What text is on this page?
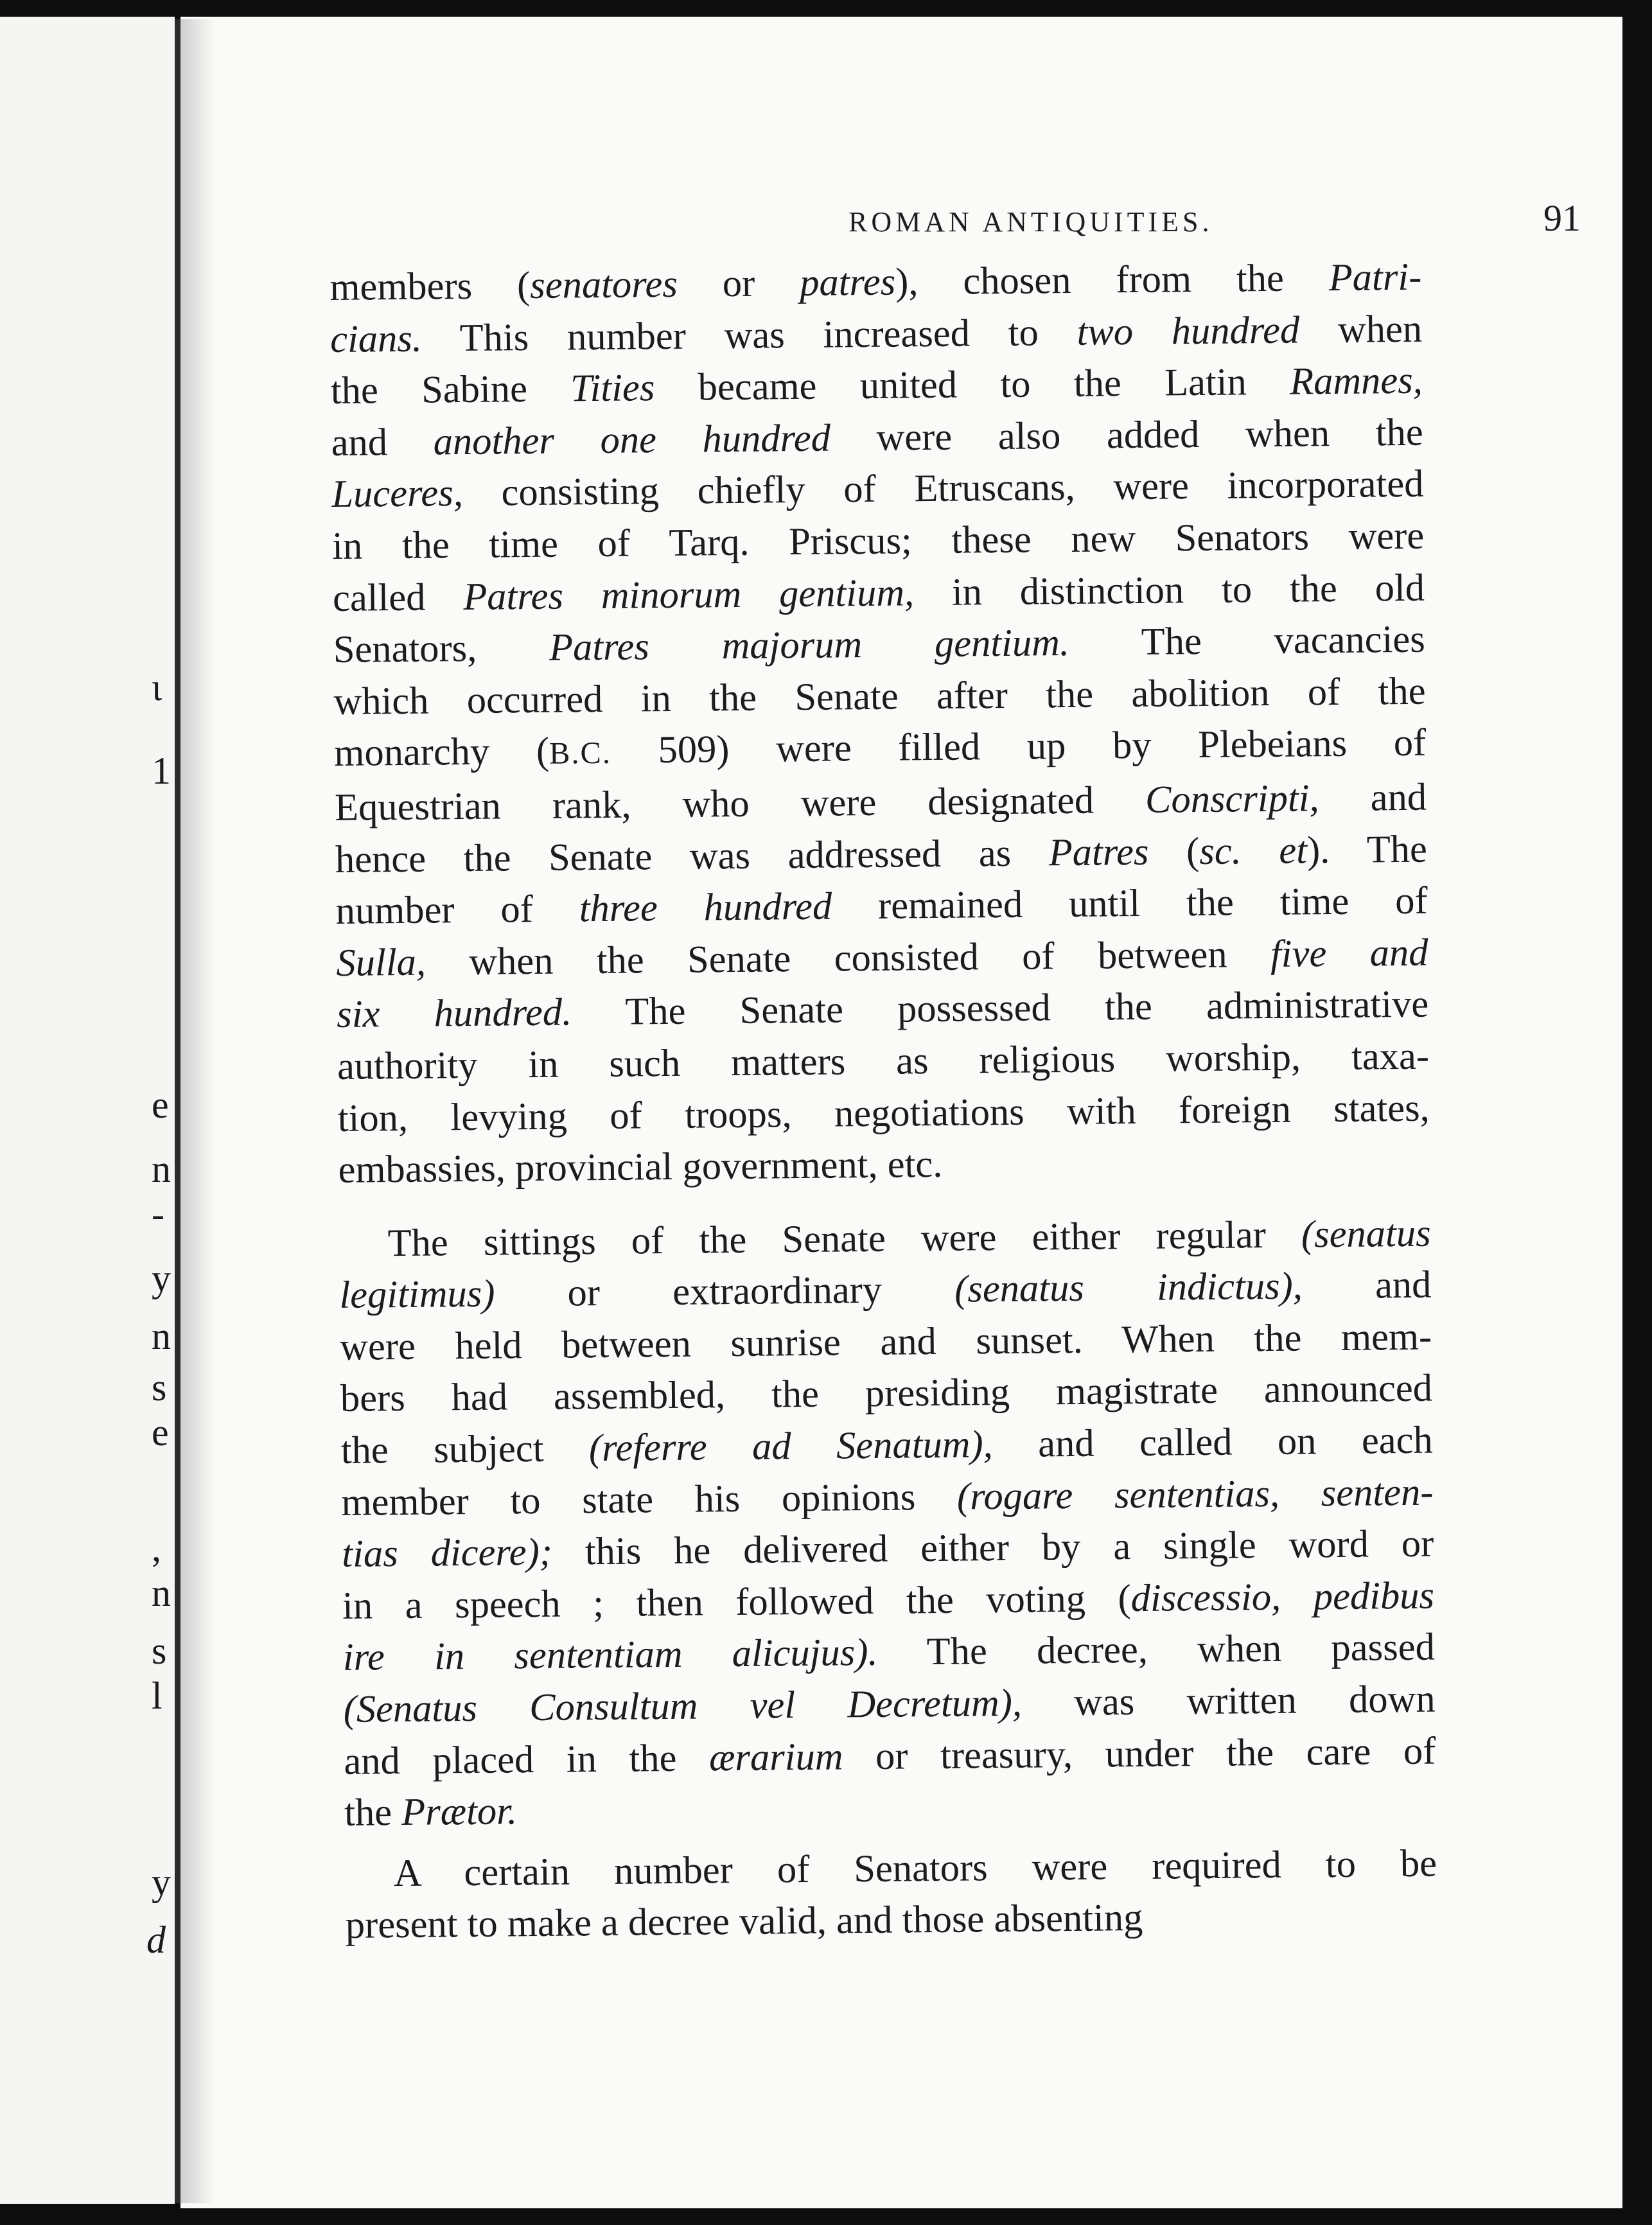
ɩ
1
e
n
-
y
n
s
e
,
n
s
l
y
d
ROMAN ANTIQUITIES.	91

members (senatores or patres), chosen from the Patri-
cians. This number was increased to two hundred when
the Sabine Tities became united to the Latin Ramnes,
and another one hundred were also added when the
Luceres, consisting chiefly of Etruscans, were incorporated
in the time of Tarq. Priscus; these new Senators were
called Patres minorum gentium, in distinction to the old
Senators, Patres majorum gentium. The vacancies
which occurred in the Senate after the abolition of the
monarchy (B.C. 509) were filled up by Plebeians of
Equestrian rank, who were designated Conscripti, and
hence the Senate was addressed as Patres (sc. et). The
number of three hundred remained until the time of
Sulla, when the Senate consisted of between five and
six hundred. The Senate possessed the administrative
authority in such matters as religious worship, taxa-
tion, levying of troops, negotiations with foreign states,
embassies, provincial government, etc.

The sittings of the Senate were either regular (senatus
legitimus) or extraordinary (senatus indictus), and
were held between sunrise and sunset. When the mem-
bers had assembled, the presiding magistrate announced
the subject (referre ad Senatum), and called on each
member to state his opinions (rogare sententias, senten-
tias dicere); this he delivered either by a single word or
in a speech ; then followed the voting (discessio, pedibus
ire in sententiam alicujus). The decree, when passed
(Senatus Consultum vel Decretum), was written down
and placed in the ærarium or treasury, under the care of
the Prætor.

A certain number of Senators were required to be
present to make a decree valid, and those absenting
